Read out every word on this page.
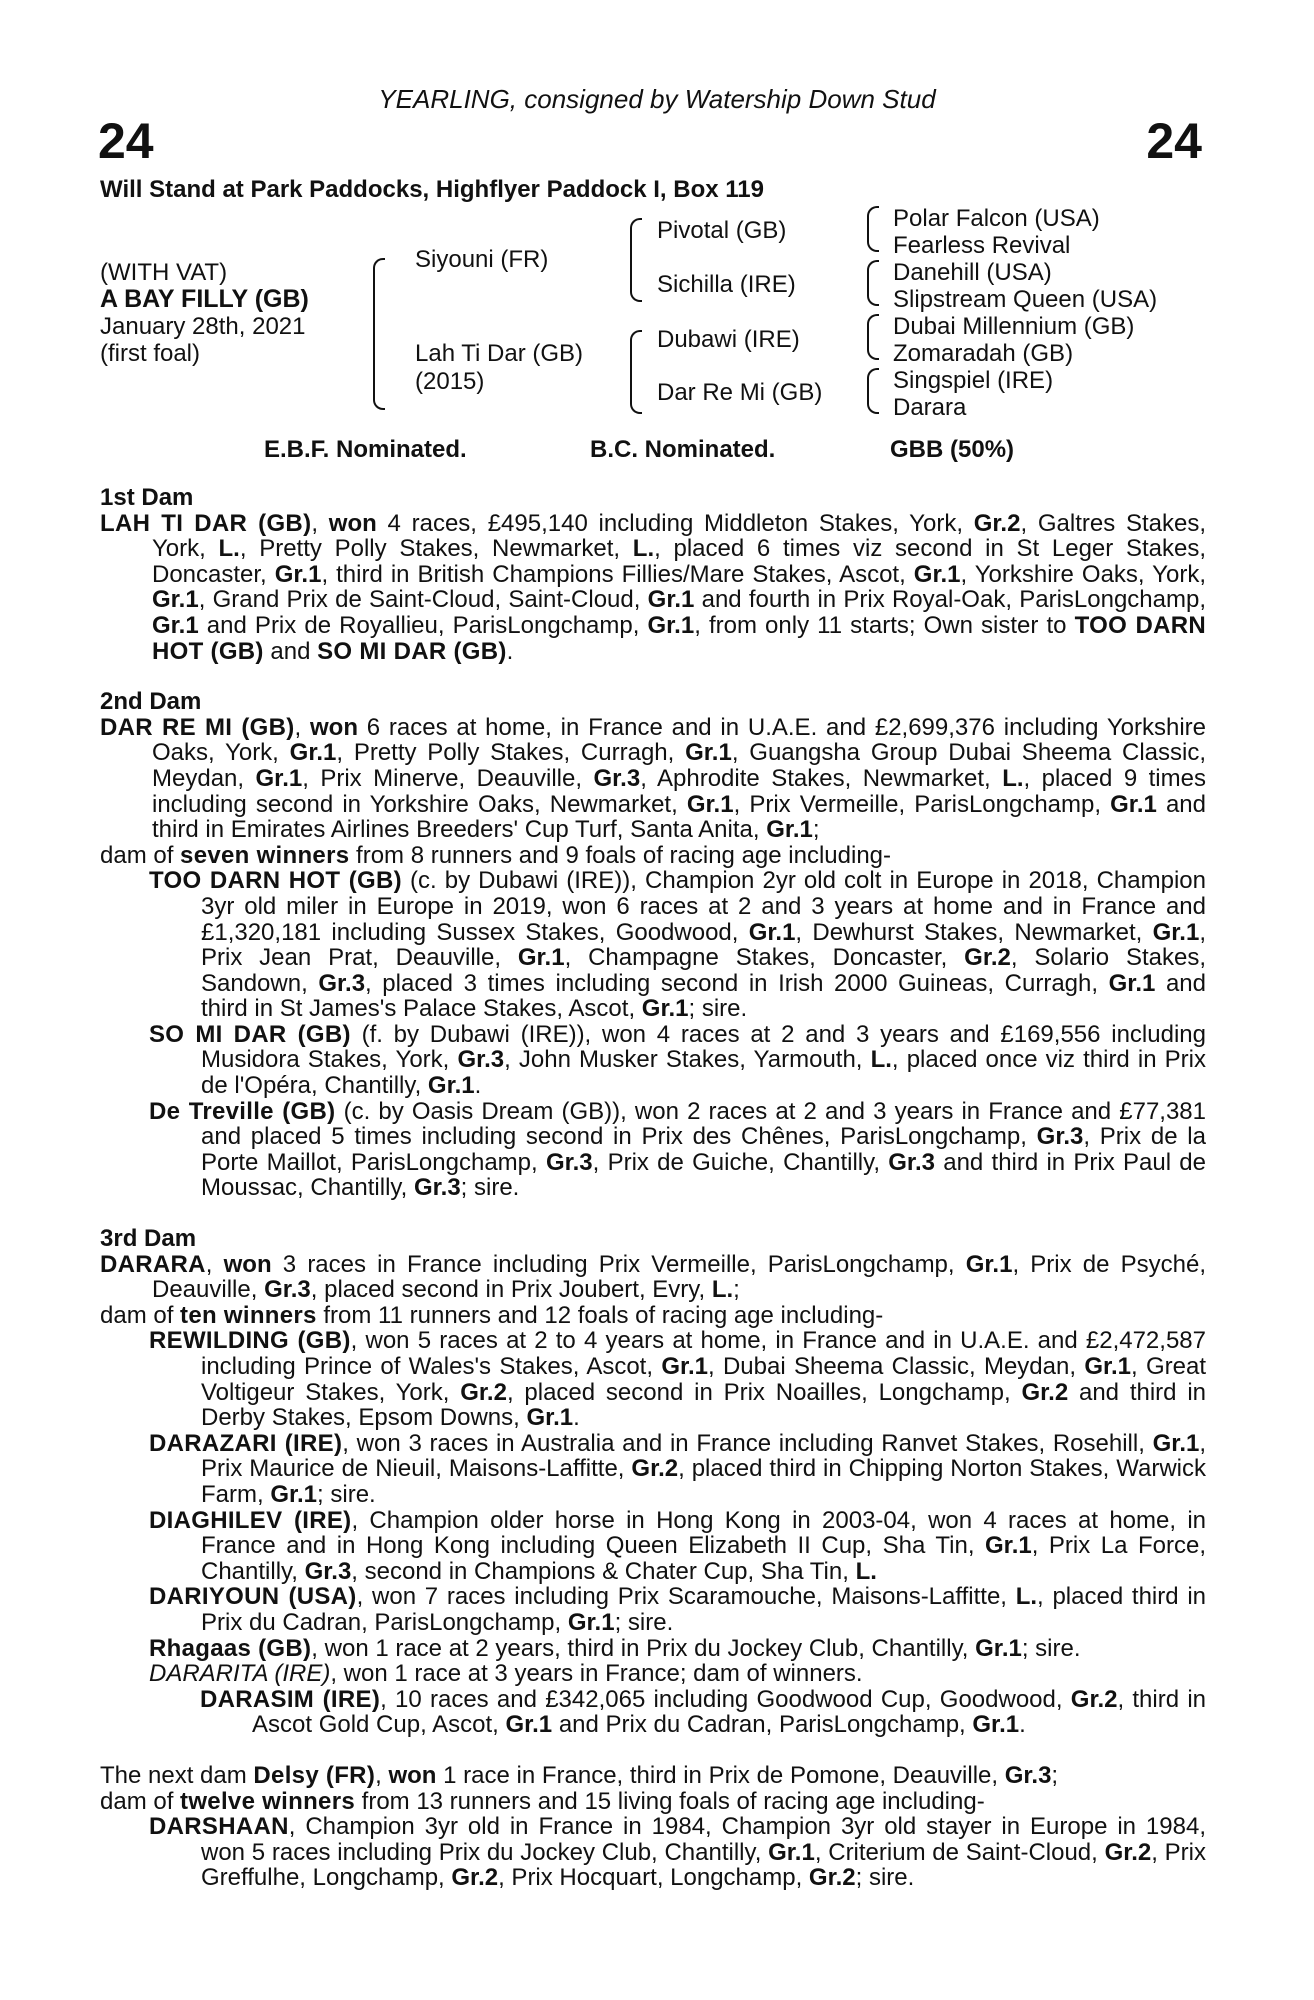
YEARLING, consigned by Watership Down Stud
24	24
Will Stand at Park Paddocks, Highflyer Paddock I, Box 119
(WITH VAT)
A BAY FILLY (GB)
January 28th, 2021
(first foal)
Siyouni (FR)
Lah Ti Dar (GB)
(2015)
Pivotal (GB)
Sichilla (IRE)
Dubawi (IRE)
Dar Re Mi (GB)
Polar Falcon (USA)
Fearless Revival
Danehill (USA)
Slipstream Queen (USA)
Dubai Millennium (GB)
Zomaradah (GB)
Singspiel (IRE)
Darara
E.B.F. Nominated.	B.C. Nominated.	GBB (50%)

1st Dam

LAH TI DAR (GB), won 4 races, £495,140 including Middleton Stakes, York, Gr.2, Galtres Stakes, York, L., Pretty Polly Stakes, Newmarket, L., placed 6 times viz second in St Leger Stakes, Doncaster, Gr.1, third in British Champions Fillies/Mare Stakes, Ascot, Gr.1, Yorkshire Oaks, York, Gr.1, Grand Prix de Saint-Cloud, Saint-Cloud, Gr.1 and fourth in Prix Royal-Oak, ParisLongchamp, Gr.1 and Prix de Royallieu, ParisLongchamp, Gr.1, from only 11 starts; Own sister to TOO DARN HOT (GB) and SO MI DAR (GB).

2nd Dam

DAR RE MI (GB), won 6 races at home, in France and in U.A.E. and £2,699,376 including Yorkshire Oaks, York, Gr.1, Pretty Polly Stakes, Curragh, Gr.1, Guangsha Group Dubai Sheema Classic, Meydan, Gr.1, Prix Minerve, Deauville, Gr.3, Aphrodite Stakes, Newmarket, L., placed 9 times including second in Yorkshire Oaks, Newmarket, Gr.1, Prix Vermeille, ParisLongchamp, Gr.1 and third in Emirates Airlines Breeders' Cup Turf, Santa Anita, Gr.1;

dam of seven winners from 8 runners and 9 foals of racing age including-

TOO DARN HOT (GB) (c. by Dubawi (IRE)), Champion 2yr old colt in Europe in 2018, Champion 3yr old miler in Europe in 2019, won 6 races at 2 and 3 years at home and in France and £1,320,181 including Sussex Stakes, Goodwood, Gr.1, Dewhurst Stakes, Newmarket, Gr.1, Prix Jean Prat, Deauville, Gr.1, Champagne Stakes, Doncaster, Gr.2, Solario Stakes, Sandown, Gr.3, placed 3 times including second in Irish 2000 Guineas, Curragh, Gr.1 and third in St James's Palace Stakes, Ascot, Gr.1; sire.

SO MI DAR (GB) (f. by Dubawi (IRE)), won 4 races at 2 and 3 years and £169,556 including Musidora Stakes, York, Gr.3, John Musker Stakes, Yarmouth, L., placed once viz third in Prix de l'Opéra, Chantilly, Gr.1.

De Treville (GB) (c. by Oasis Dream (GB)), won 2 races at 2 and 3 years in France and £77,381 and placed 5 times including second in Prix des Chênes, ParisLongchamp, Gr.3, Prix de la Porte Maillot, ParisLongchamp, Gr.3, Prix de Guiche, Chantilly, Gr.3 and third in Prix Paul de Moussac, Chantilly, Gr.3; sire.

3rd Dam

DARARA, won 3 races in France including Prix Vermeille, ParisLongchamp, Gr.1, Prix de Psyché, Deauville, Gr.3, placed second in Prix Joubert, Evry, L.;

dam of ten winners from 11 runners and 12 foals of racing age including-

REWILDING (GB), won 5 races at 2 to 4 years at home, in France and in U.A.E. and £2,472,587 including Prince of Wales's Stakes, Ascot, Gr.1, Dubai Sheema Classic, Meydan, Gr.1, Great Voltigeur Stakes, York, Gr.2, placed second in Prix Noailles, Longchamp, Gr.2 and third in Derby Stakes, Epsom Downs, Gr.1.

DARAZARI (IRE), won 3 races in Australia and in France including Ranvet Stakes, Rosehill, Gr.1, Prix Maurice de Nieuil, Maisons-Laffitte, Gr.2, placed third in Chipping Norton Stakes, Warwick Farm, Gr.1; sire.

DIAGHILEV (IRE), Champion older horse in Hong Kong in 2003-04, won 4 races at home, in France and in Hong Kong including Queen Elizabeth II Cup, Sha Tin, Gr.1, Prix La Force, Chantilly, Gr.3, second in Champions & Chater Cup, Sha Tin, L.

DARIYOUN (USA), won 7 races including Prix Scaramouche, Maisons-Laffitte, L., placed third in Prix du Cadran, ParisLongchamp, Gr.1; sire.

Rhagaas (GB), won 1 race at 2 years, third in Prix du Jockey Club, Chantilly, Gr.1; sire.

DARARITA (IRE), won 1 race at 3 years in France; dam of winners.

DARASIM (IRE), 10 races and £342,065 including Goodwood Cup, Goodwood, Gr.2, third in Ascot Gold Cup, Ascot, Gr.1 and Prix du Cadran, ParisLongchamp, Gr.1.

The next dam Delsy (FR), won 1 race in France, third in Prix de Pomone, Deauville, Gr.3;

dam of twelve winners from 13 runners and 15 living foals of racing age including-

DARSHAAN, Champion 3yr old in France in 1984, Champion 3yr old stayer in Europe in 1984, won 5 races including Prix du Jockey Club, Chantilly, Gr.1, Criterium de Saint-Cloud, Gr.2, Prix Greffulhe, Longchamp, Gr.2, Prix Hocquart, Longchamp, Gr.2; sire.
